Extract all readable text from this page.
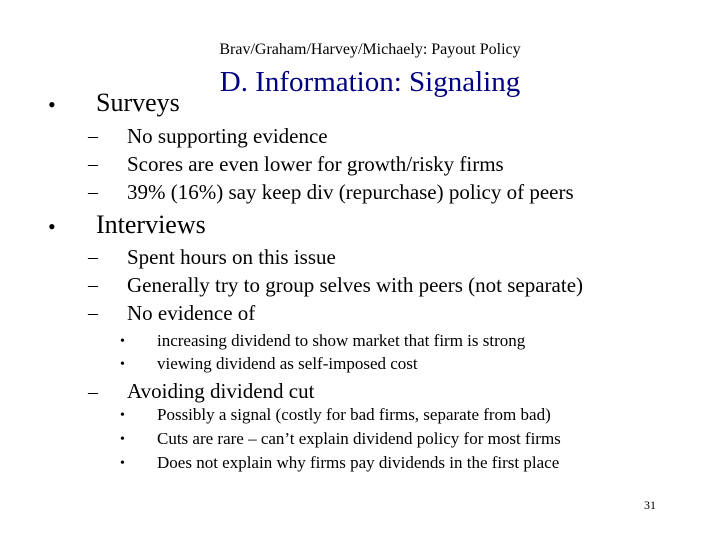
Brav/Graham/Harvey/Michaely: Payout Policy
D. Information: Signaling
• Surveys
– No supporting evidence
– Scores are even lower for growth/risky firms
– 39% (16%) say keep div (repurchase) policy of peers
• Interviews
– Spent hours on this issue
– Generally try to group selves with peers (not separate)
– No evidence of
• increasing dividend to show market that firm is strong
• viewing dividend as self-imposed cost
– Avoiding dividend cut
• Possibly a signal (costly for bad firms, separate from bad)
• Cuts are rare – can’t explain dividend policy for most firms
• Does not explain why firms pay dividends in the first place
31
